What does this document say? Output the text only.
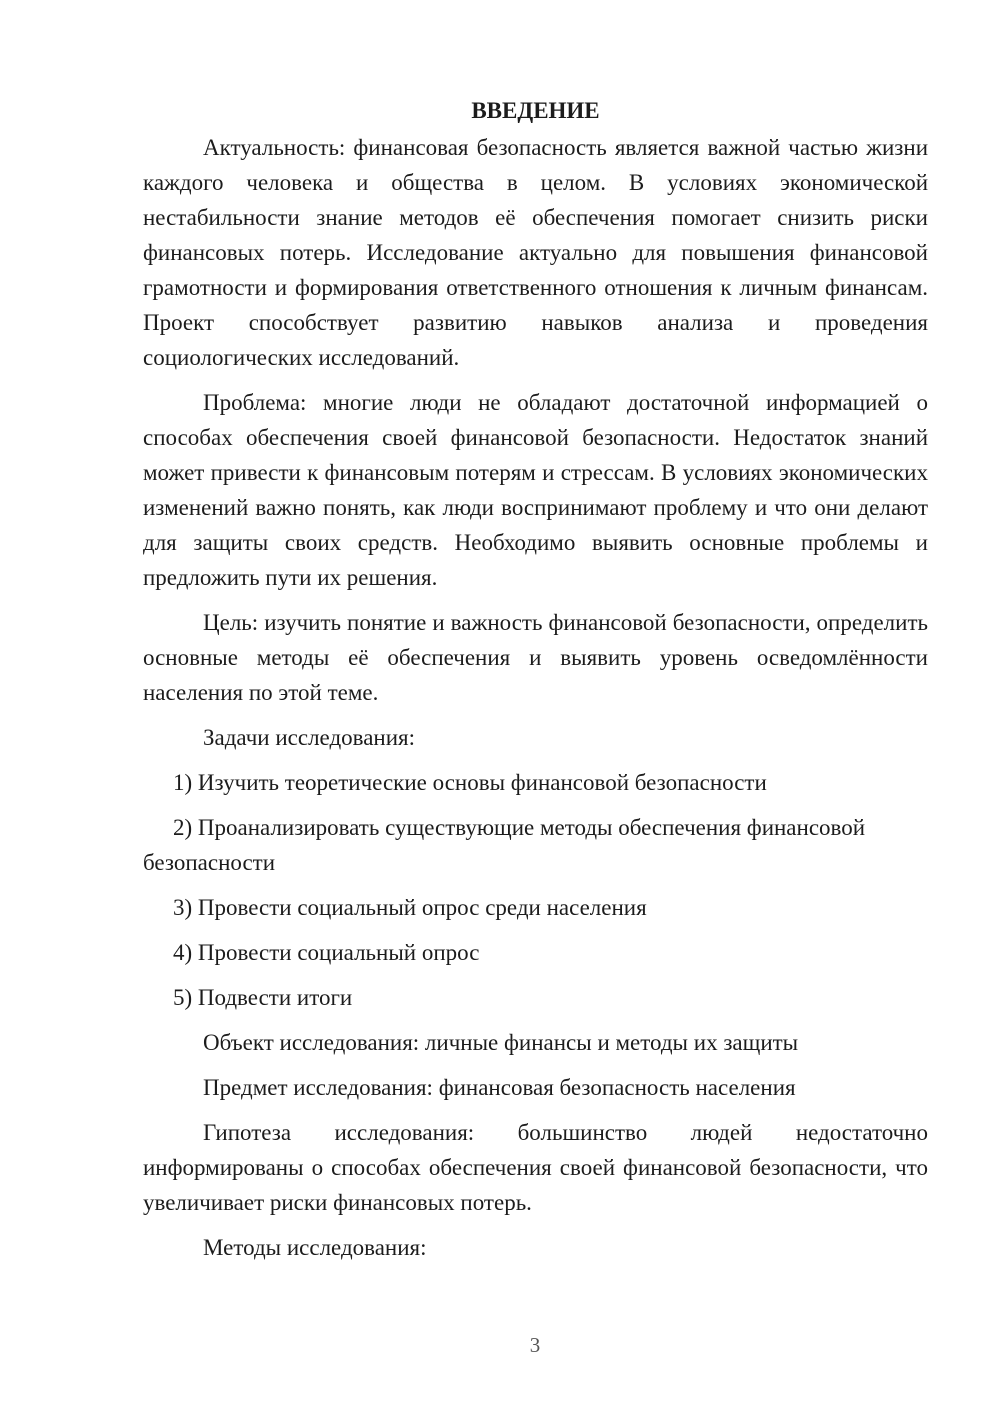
ВВЕДЕНИЕ

Актуальность: финансовая безопасность является важной частью жизни каждого человека и общества в целом. В условиях экономической нестабильности знание методов её обеспечения помогает снизить риски финансовых потерь. Исследование актуально для повышения финансовой грамотности и формирования ответственного отношения к личным финансам. Проект способствует развитию навыков анализа и проведения социологических исследований.

Проблема: многие люди не обладают достаточной информацией о способах обеспечения своей финансовой безопасности. Недостаток знаний может привести к финансовым потерям и стрессам. В условиях экономических изменений важно понять, как люди воспринимают проблему и что они делают для защиты своих средств. Необходимо выявить основные проблемы и предложить пути их решения.

Цель: изучить понятие и важность финансовой безопасности, определить основные методы её обеспечения и выявить уровень осведомлённости населения по этой теме.

Задачи исследования:

1) Изучить теоретические основы финансовой безопасности

2) Проанализировать существующие методы обеспечения финансовой безопасности

3) Провести социальный опрос среди населения

4) Провести социальный опрос

5) Подвести итоги

Объект исследования: личные финансы и методы их защиты

Предмет исследования: финансовая безопасность населения

Гипотеза исследования: большинство людей недостаточно информированы о способах обеспечения своей финансовой безопасности, что увеличивает риски финансовых потерь.

Методы исследования:

3
